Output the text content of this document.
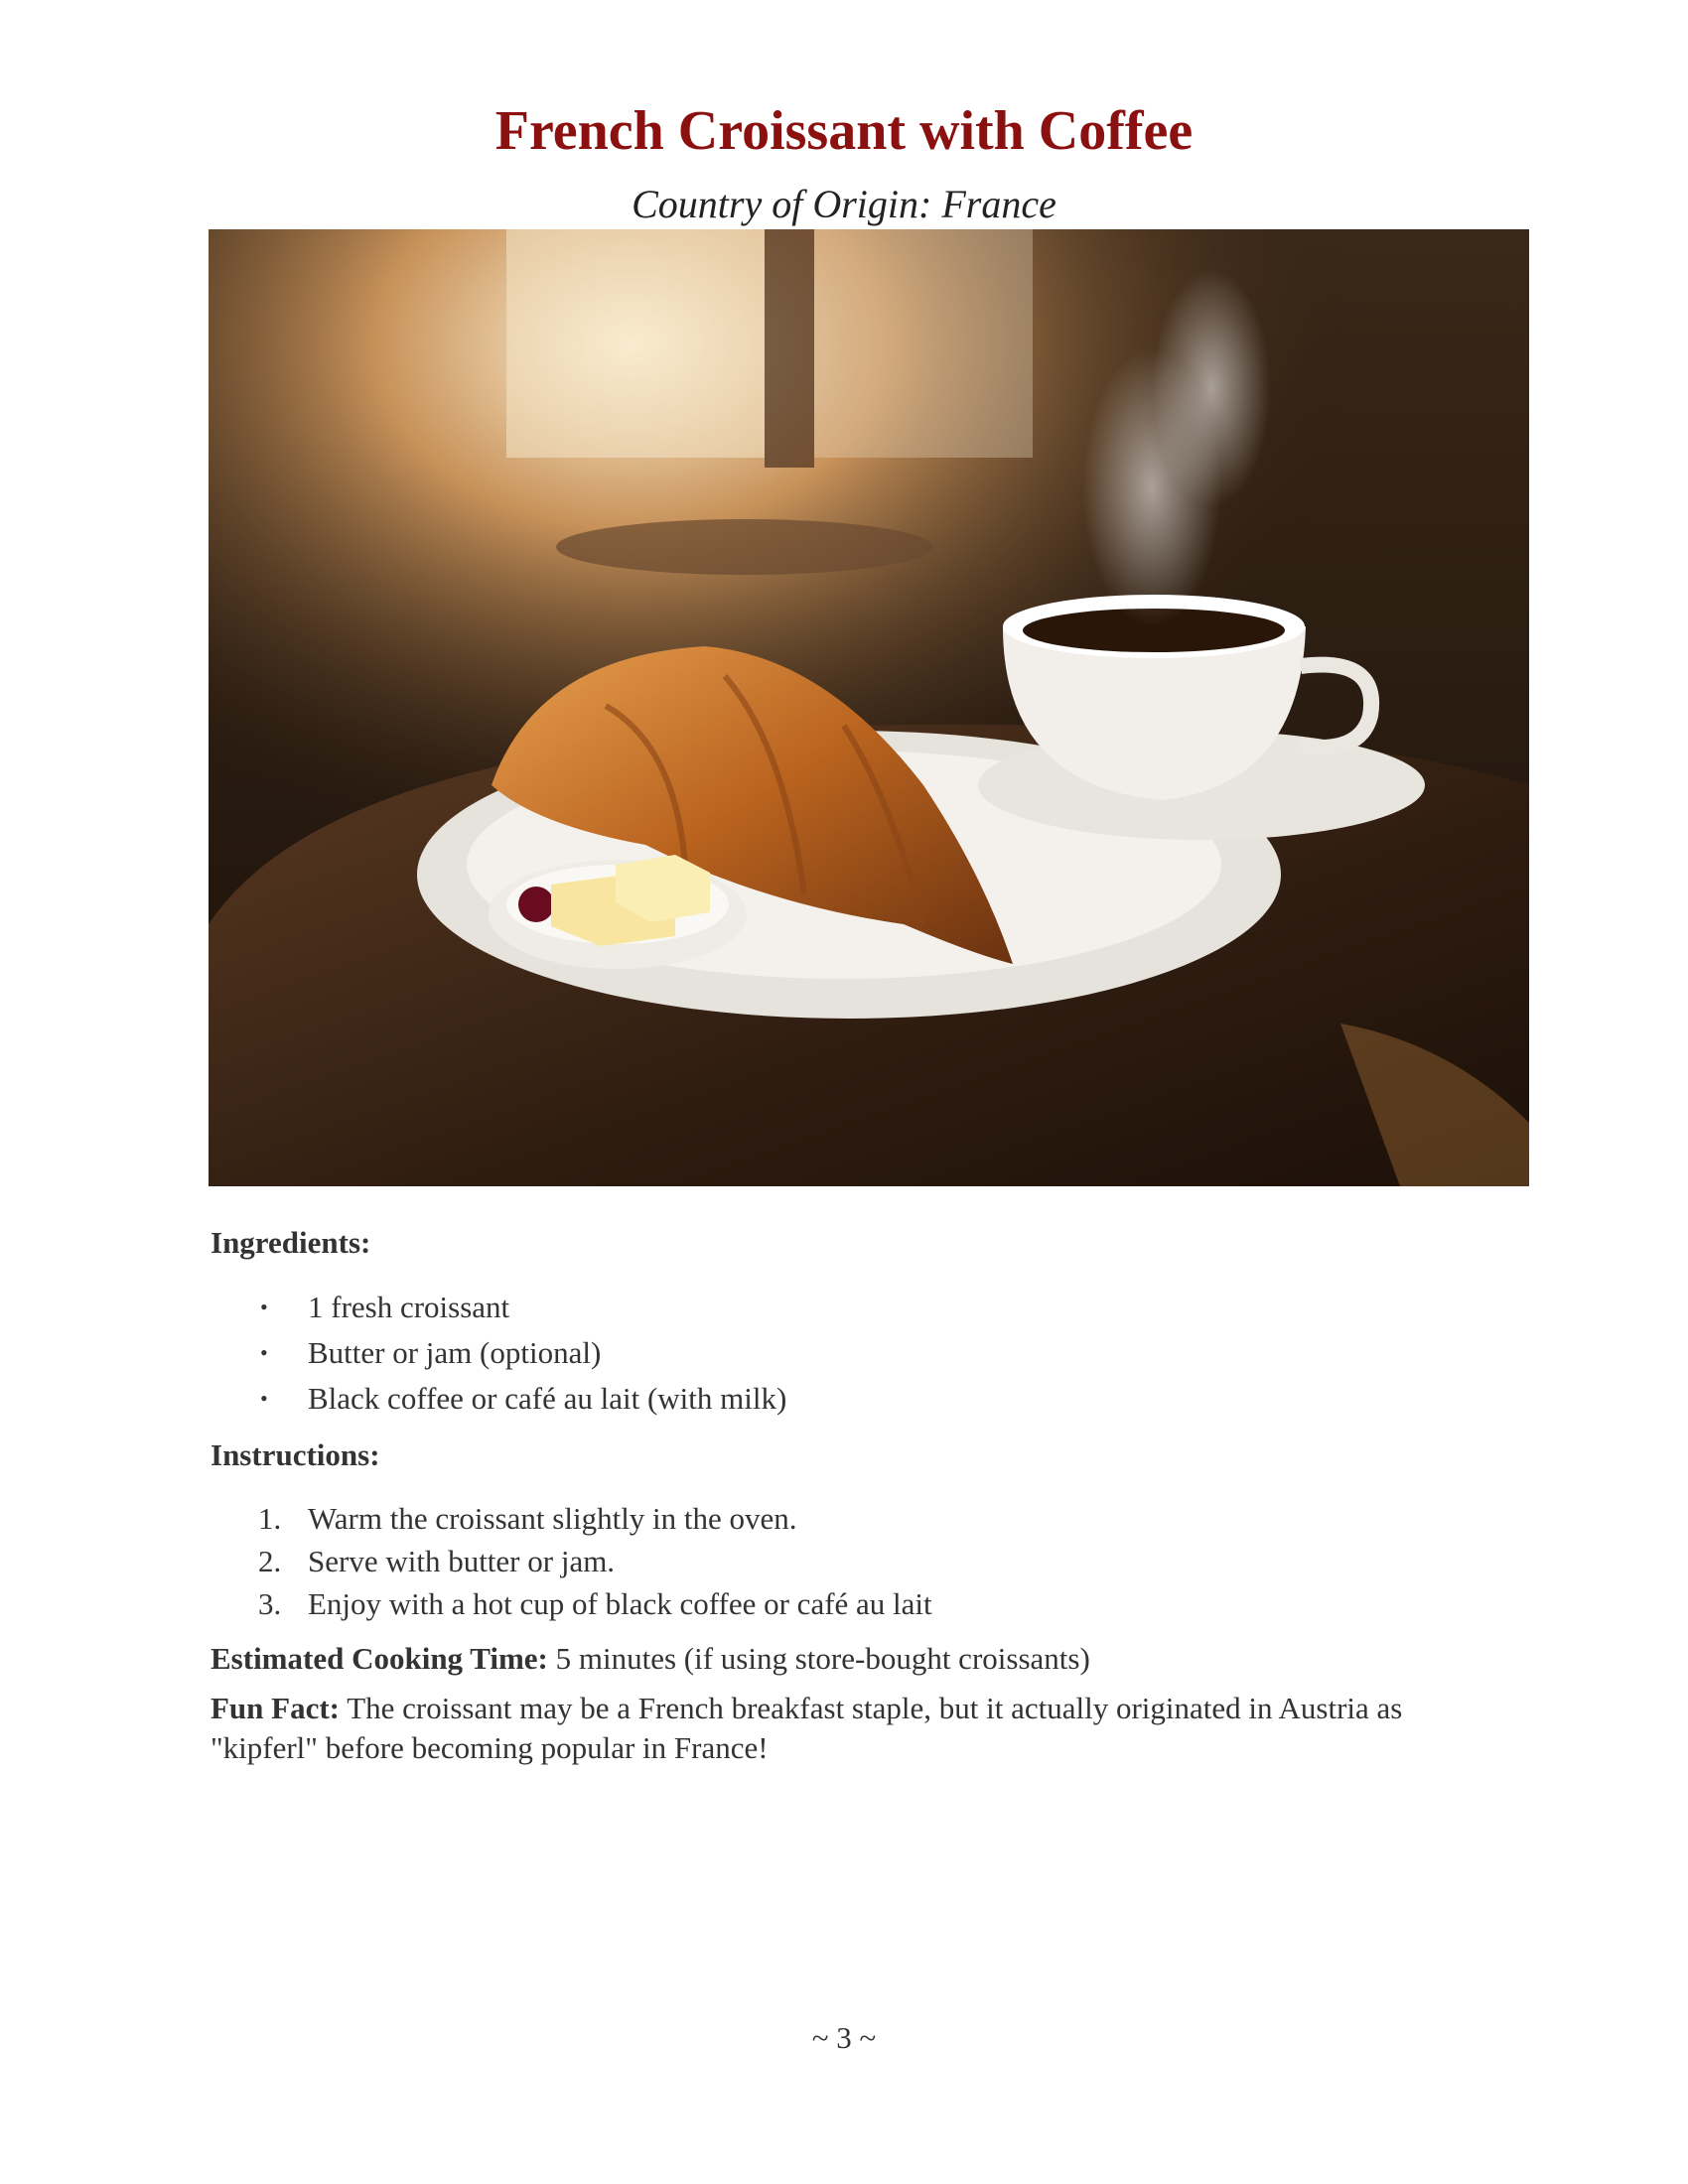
French Croissant with Coffee
Country of Origin: France
Ingredients:
• 1 fresh croissant
• Butter or jam (optional)
• Black coffee or café au lait (with milk)
Instructions:
1. Warm the croissant slightly in the oven.
2. Serve with butter or jam.
3. Enjoy with a hot cup of black coffee or café au lait

Estimated Cooking Time: 5 minutes (if using store-bought croissants)

Fun Fact: The croissant may be a French breakfast staple, but it actually originated in Austria as "kipferl" before becoming popular in France!

~ 3 ~
